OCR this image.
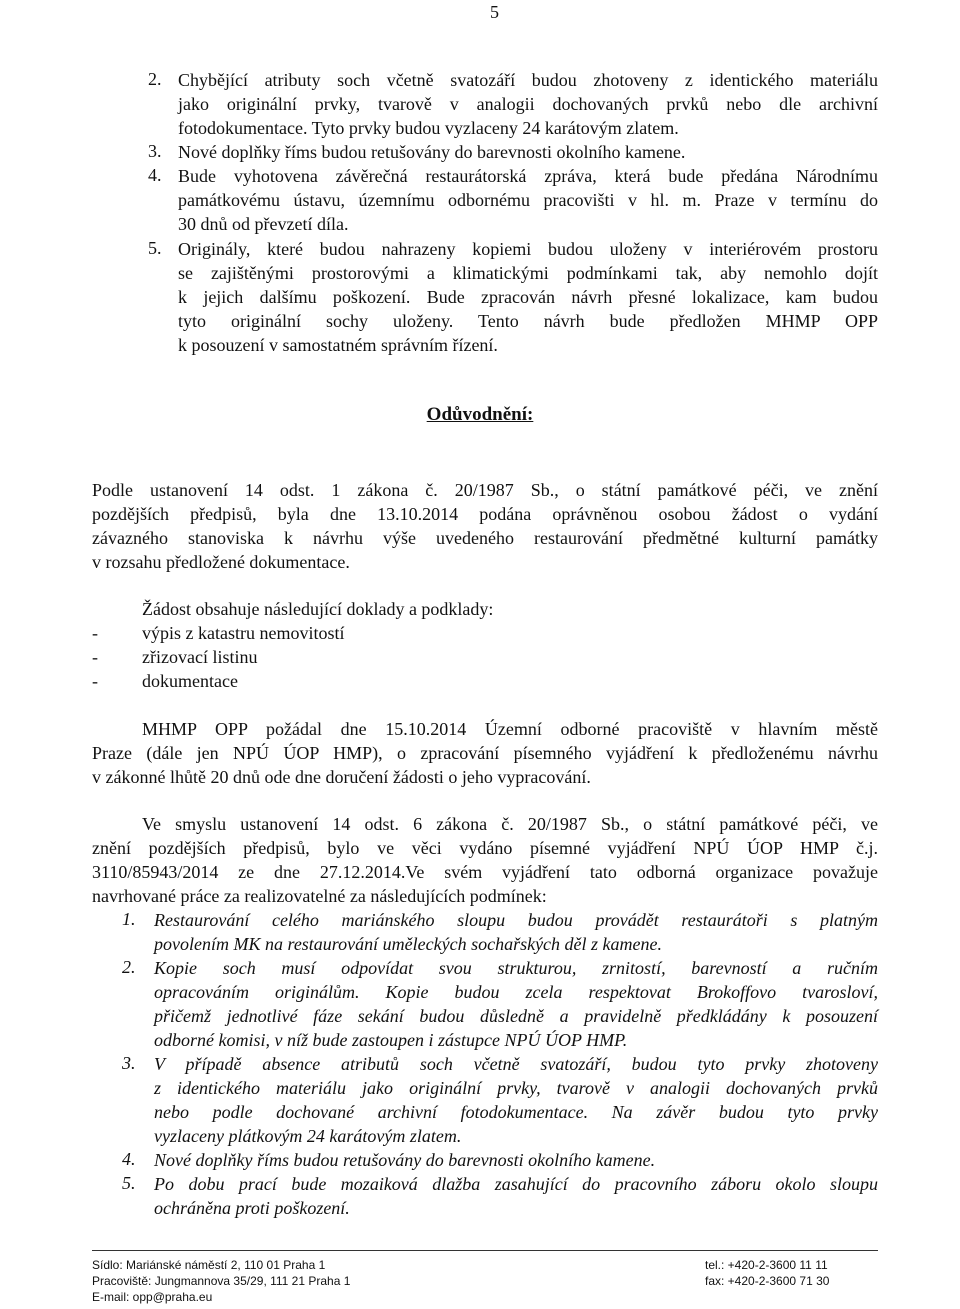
5
2. Chybějící atributy soch včetně svatozáří budou zhotoveny z identického materiálu
jako originální prvky, tvarově v analogii dochovaných prvků nebo dle archivní
fotodokumentace. Tyto prvky budou vyzlaceny 24 karátovým zlatem.
3. Nové doplňky říms budou retušovány do barevnosti okolního kamene.
4. Bude vyhotovena závěrečná restaurátorská zpráva, která bude předána Národnímu
památkovému ústavu, územnímu odbornému pracovišti v hl. m. Praze v termínu do
30 dnů od převzetí díla.
5. Originály, které budou nahrazeny kopiemi budou uloženy v interiérovém prostoru
se zajištěnými prostorovými a klimatickými podmínkami tak, aby nemohlo dojít
k jejich dalšímu poškození. Bude zpracován návrh přesné lokalizace, kam budou
tyto originální sochy uloženy. Tento návrh bude předložen MHMP OPP
k posouzení v samostatném správním řízení.
Odůvodnění:
Podle ustanovení 14 odst. 1 zákona č. 20/1987 Sb., o státní památkové péči, ve znění
pozdějších předpisů, byla dne 13.10.2014 podána oprávněnou osobou žádost o vydání
závazného stanoviska k návrhu výše uvedeného restaurování předmětné kulturní památky
v rozsahu předložené dokumentace.
Žádost obsahuje následující doklady a podklady:
- výpis z katastru nemovitostí
- zřizovací listinu
- dokumentace
MHMP OPP požádal dne 15.10.2014 Územní odborné pracoviště v hlavním městě
Praze (dále jen NPÚ ÚOP HMP), o zpracování písemného vyjádření k předloženému návrhu
v zákonné lhůtě 20 dnů ode dne doručení žádosti o jeho vypracování.
Ve smyslu ustanovení 14 odst. 6 zákona č. 20/1987 Sb., o státní památkové péči, ve
znění pozdějších předpisů, bylo ve věci vydáno písemné vyjádření NPÚ ÚOP HMP č.j.
3110/85943/2014 ze dne 27.12.2014.Ve svém vyjádření tato odborná organizace považuje
navrhované práce za realizovatelné za následujících podmínek:
1. Restaurování celého mariánského sloupu budou provádět restaurátoři s platným
povolením MK na restaurování uměleckých sochařských děl z kamene.
2. Kopie soch musí odpovídat svou strukturou, zrnitostí, barevností a ručním
opracováním originálům. Kopie budou zcela respektovat Brokoffovo tvarosloví,
přičemž jednotlivé fáze sekání budou důsledně a pravidelně předkládány k posouzení
odborné komisi, v níž bude zastoupen i zástupce NPÚ ÚOP HMP.
3. V případě absence atributů soch včetně svatozáří, budou tyto prvky zhotoveny
z identického materiálu jako originální prvky, tvarově v analogii dochovaných prvků
nebo podle dochované archivní fotodokumentace. Na závěr budou tyto prvky
vyzlaceny plátkovým 24 karátovým zlatem.
4. Nové doplňky říms budou retušovány do barevnosti okolního kamene.
5. Po dobu prací bude mozaiková dlažba zasahující do pracovního záboru okolo sloupu
ochráněna proti poškození.
Sídlo: Mariánské náměstí 2, 110 01 Praha 1
Pracoviště: Jungmannova 35/29, 111 21 Praha 1
E-mail: opp@praha.eu
tel.: +420-2-3600 11 11
fax: +420-2-3600 71 30
